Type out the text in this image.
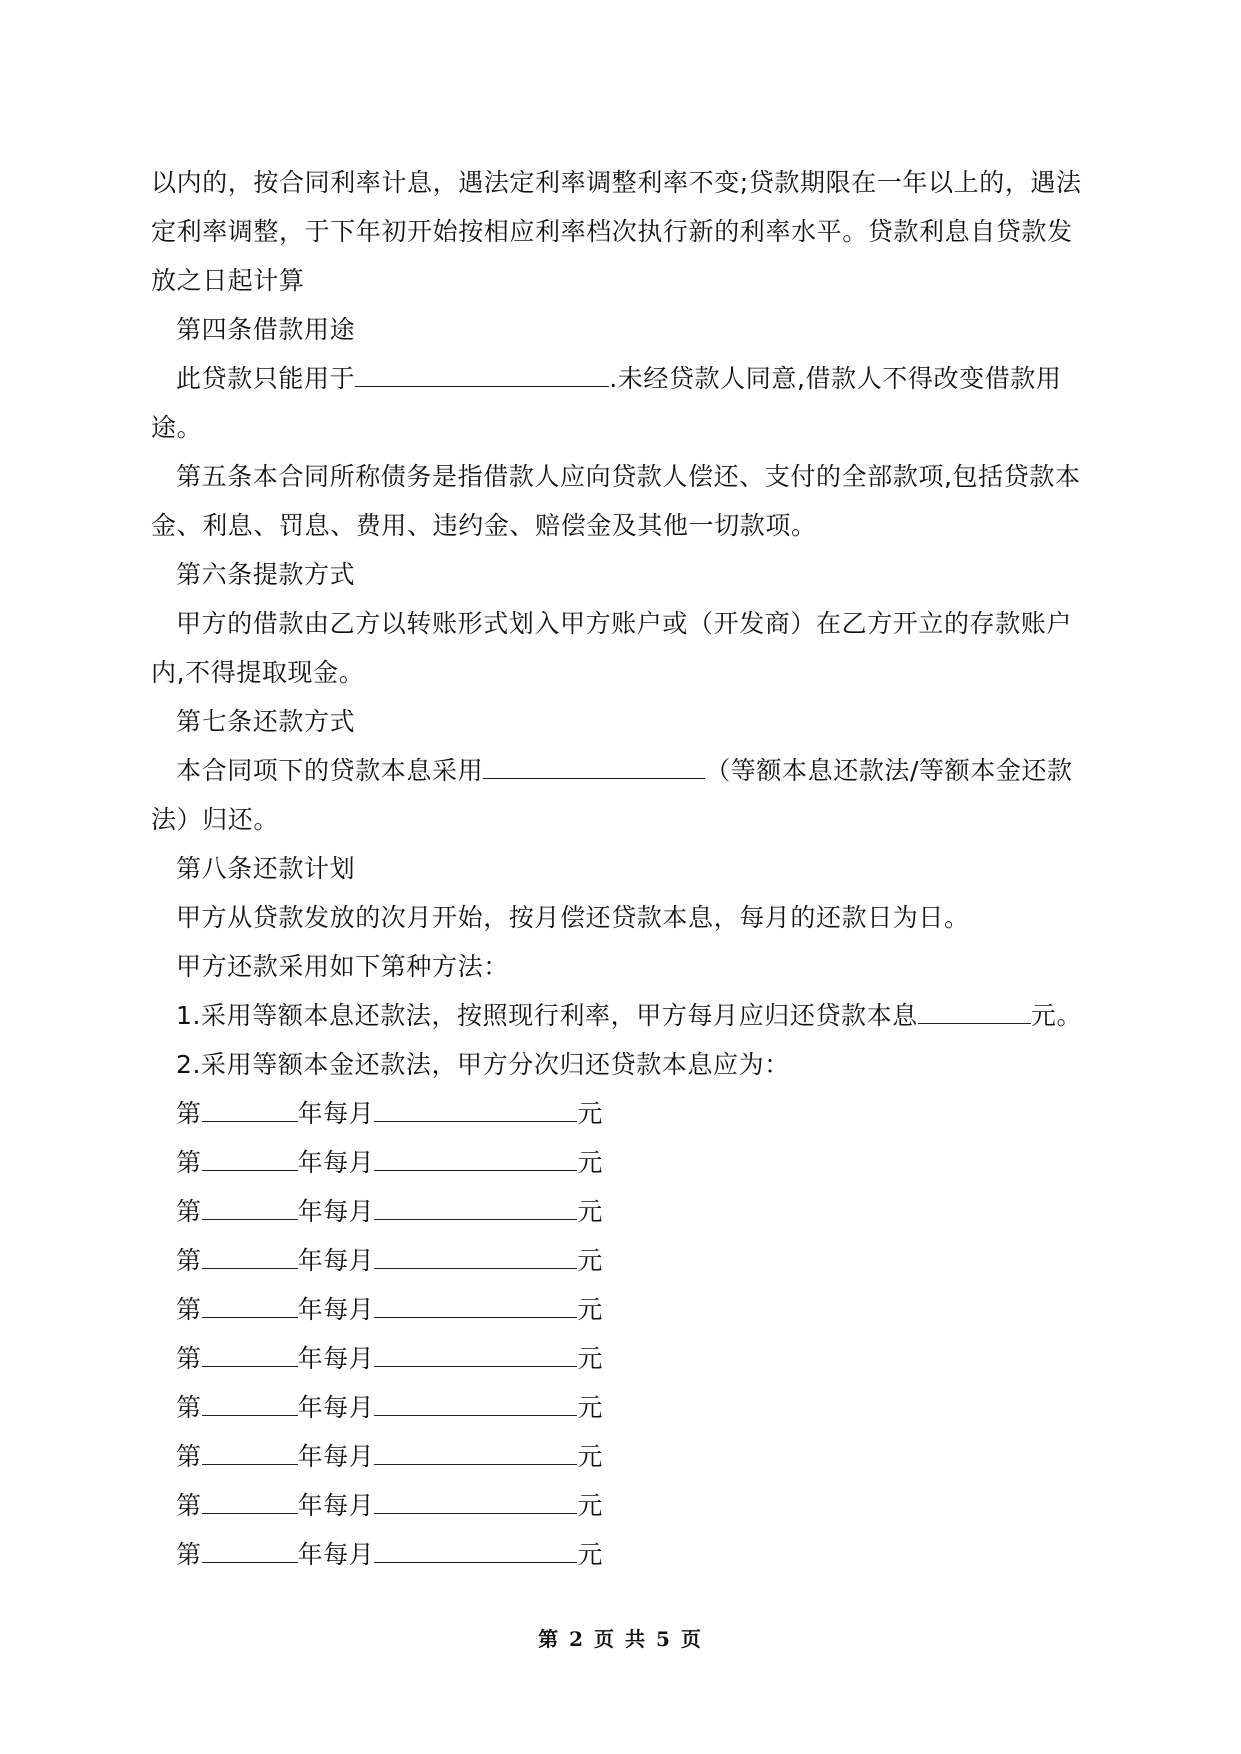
以内的，按合同利率计息，遇法定利率调整利率不变;贷款期限在一年以上的，遇法定利率调整，于下年初开始按相应利率档次执行新的利率水平。贷款利息自贷款发放之日起计算

第四条借款用途

此贷款只能用于	.未经贷款人同意,借款人不得改变借款用途。

第五条本合同所称债务是指借款人应向贷款人偿还、支付的全部款项,包括贷款本金、利息、罚息、费用、违约金、赔偿金及其他一切款项。

第六条提款方式

甲方的借款由乙方以转账形式划入甲方账户或（开发商）在乙方开立的存款账户内,不得提取现金。

第七条还款方式

本合同项下的贷款本息采用	（等额本息还款法/等额本金还款法）归还。

第八条还款计划

甲方从贷款发放的次月开始，按月偿还贷款本息，每月的还款日为日。

甲方还款采用如下第种方法：

1.采用等额本息还款法，按照现行利率，甲方每月应归还贷款本息	元。

2.采用等额本金还款法，甲方分次归还贷款本息应为：

第	年每月	元

第	年每月	元

第	年每月	元

第	年每月	元

第	年每月	元

第	年每月	元

第	年每月	元

第	年每月	元

第	年每月	元

第	年每月	元

第 2 页 共 5 页
